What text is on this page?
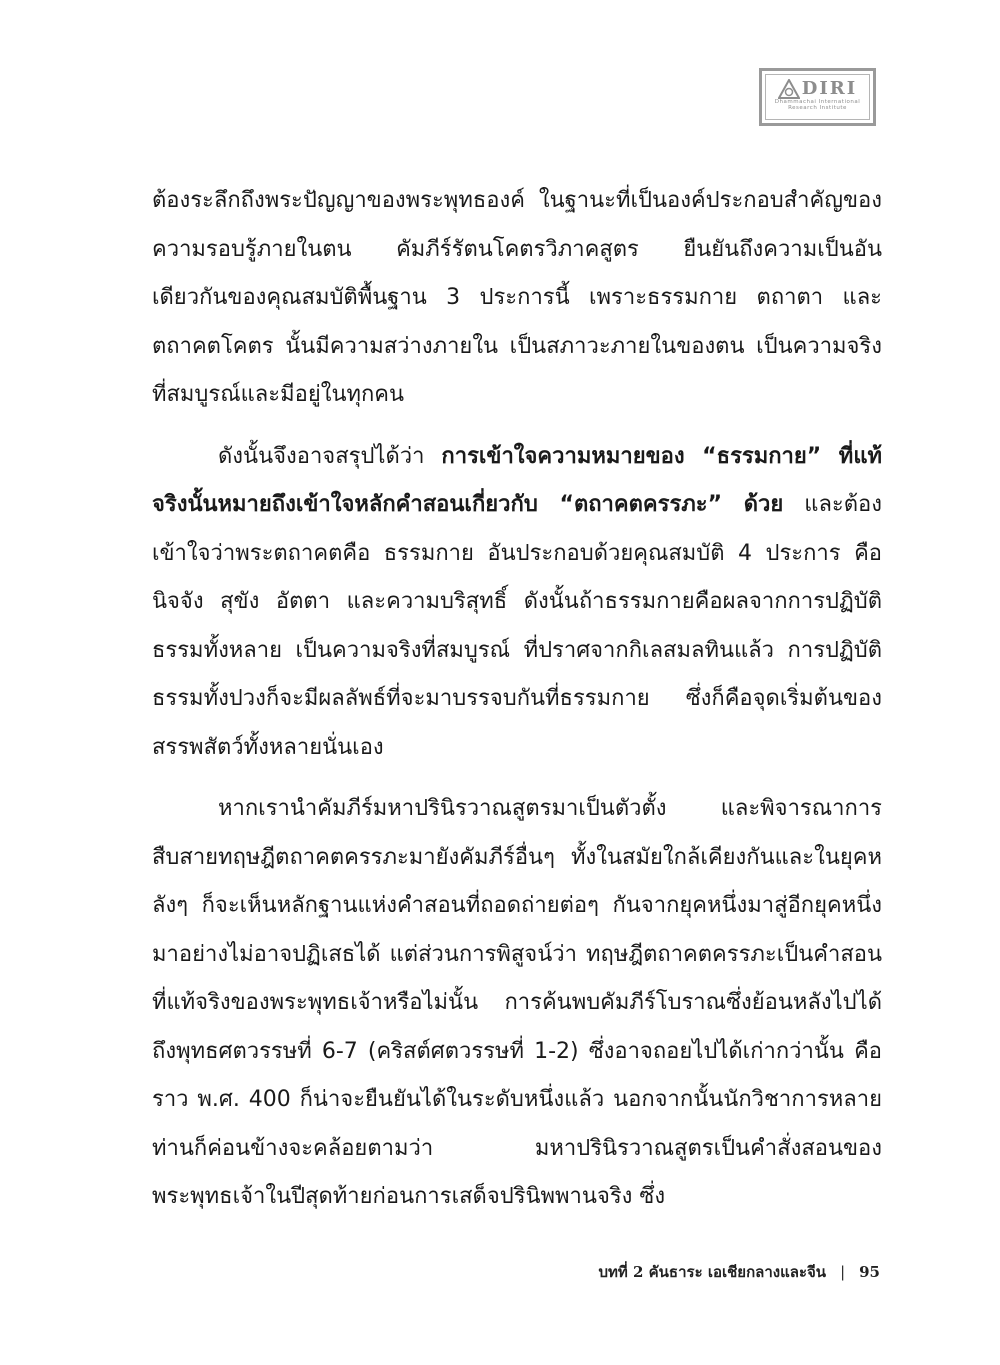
DIRI
Dhammachai International
Research Institute

ต้องระลึกถึงพระปัญญาของพระพุทธองค์ ในฐานะที่เป็นองค์ประกอบสำคัญของความรอบรู้ภายในตน คัมภีร์รัตนโคตรวิภาคสูตร ยืนยันถึงความเป็นอันเดียวกันของคุณสมบัติพื้นฐาน 3 ประการนี้ เพราะธรรมกาย ตถาตา และตถาคตโคตร นั้นมีความสว่างภายใน เป็นสภาวะภายในของตน เป็นความจริงที่สมบูรณ์และมีอยู่ในทุกคน

ดังนั้นจึงอาจสรุปได้ว่า การเข้าใจความหมายของ “ธรรมกาย” ที่แท้จริงนั้นหมายถึงเข้าใจหลักคำสอนเกี่ยวกับ “ตถาคตครรภะ” ด้วย และต้องเข้าใจว่าพระตถาคตคือ ธรรมกาย อันประกอบด้วยคุณสมบัติ 4 ประการ คือ นิจจัง สุขัง อัตตา และความบริสุทธิ์ ดังนั้นถ้าธรรมกายคือผลจากการปฏิบัติธรรมทั้งหลาย เป็นความจริงที่สมบูรณ์ ที่ปราศจากกิเลสมลทินแล้ว การปฏิบัติธรรมทั้งปวงก็จะมีผลลัพธ์ที่จะมาบรรจบกันที่ธรรมกาย ซึ่งก็คือจุดเริ่มต้นของสรรพสัตว์ทั้งหลายนั่นเอง

หากเรานำคัมภีร์มหาปรินิรวาณสูตรมาเป็นตัวตั้ง และพิจารณาการสืบสายทฤษฎีตถาคตครรภะมายังคัมภีร์อื่นๆ ทั้งในสมัยใกล้เคียงกันและในยุคหลังๆ ก็จะเห็นหลักฐานแห่งคำสอนที่ถอดถ่ายต่อๆ กันจากยุคหนึ่งมาสู่อีกยุคหนึ่งมาอย่างไม่อาจปฏิเสธได้ แต่ส่วนการพิสูจน์ว่า ทฤษฎีตถาคตครรภะเป็นคำสอนที่แท้จริงของพระพุทธเจ้าหรือไม่นั้น การค้นพบคัมภีร์โบราณซึ่งย้อนหลังไปได้ถึงพุทธศตวรรษที่ 6-7 (คริสต์ศตวรรษที่ 1-2) ซึ่งอาจถอยไปได้เก่ากว่านั้น คือราว พ.ศ. 400 ก็น่าจะยืนยันได้ในระดับหนึ่งแล้ว นอกจากนั้นนักวิชาการหลายท่านก็ค่อนข้างจะคล้อยตามว่า มหาปรินิรวาณสูตรเป็นคำสั่งสอนของพระพุทธเจ้าในปีสุดท้ายก่อนการเสด็จปรินิพพานจริง ซึ่ง

บทที่ 2 คันธาระ เอเชียกลางและจีน | 95
